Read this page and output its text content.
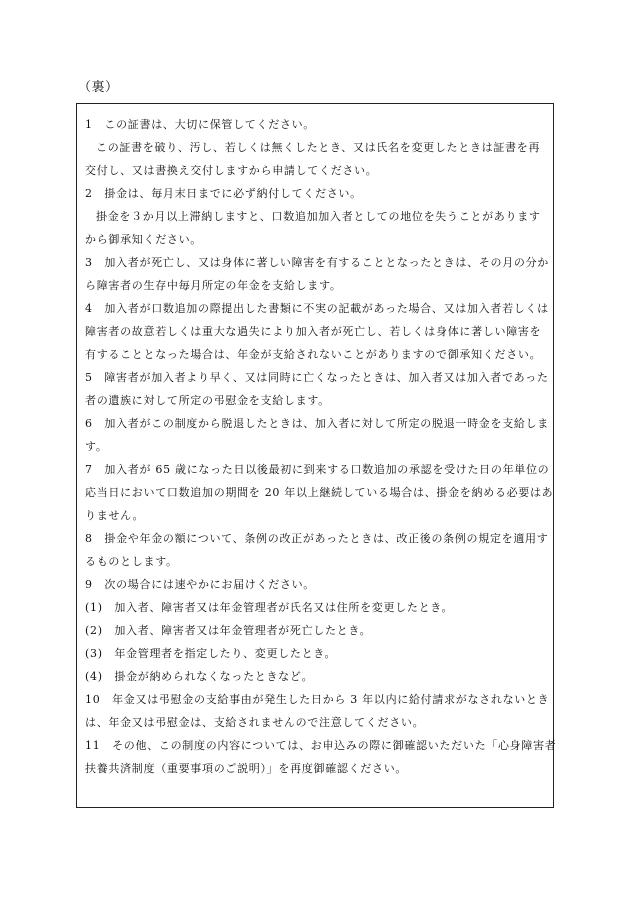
（裏）
1　この証書は、大切に保管してください。
この証書を破り、汚し、若しくは無くしたとき、又は氏名を変更したときは証書を再
交付し、又は書換え交付しますから申請してください。
2　掛金は、毎月末日までに必ず納付してください。
掛金を３か月以上滞納しますと、口数追加加入者としての地位を失うことがあります
から御承知ください。
3　加入者が死亡し、又は身体に著しい障害を有することとなったときは、その月の分か
ら障害者の生存中毎月所定の年金を支給します。
4　加入者が口数追加の際提出した書類に不実の記載があった場合、又は加入者若しくは
障害者の故意若しくは重大な過失により加入者が死亡し、若しくは身体に著しい障害を
有することとなった場合は、年金が支給されないことがありますので御承知ください。
5　障害者が加入者より早く、又は同時に亡くなったときは、加入者又は加入者であった
者の遺族に対して所定の弔慰金を支給します。
6　加入者がこの制度から脱退したときは、加入者に対して所定の脱退一時金を支給しま
す。
7　加入者が 65 歳になった日以後最初に到来する口数追加の承認を受けた日の年単位の
応当日において口数追加の期間を 20 年以上継続している場合は、掛金を納める必要はあ
りません。
8　掛金や年金の額について、条例の改正があったときは、改正後の条例の規定を適用す
るものとします。
9　次の場合には速やかにお届けください。
(1)　加入者、障害者又は年金管理者が氏名又は住所を変更したとき。
(2)　加入者、障害者又は年金管理者が死亡したとき。
(3)　年金管理者を指定したり、変更したとき。
(4)　掛金が納められなくなったときなど。
10　年金又は弔慰金の支給事由が発生した日から 3 年以内に給付請求がなされないとき
は、年金又は弔慰金は、支給されませんので注意してください。
11　その他、この制度の内容については、お申込みの際に御確認いただいた「心身障害者
扶養共済制度（重要事項のご説明）」を再度御確認ください。
